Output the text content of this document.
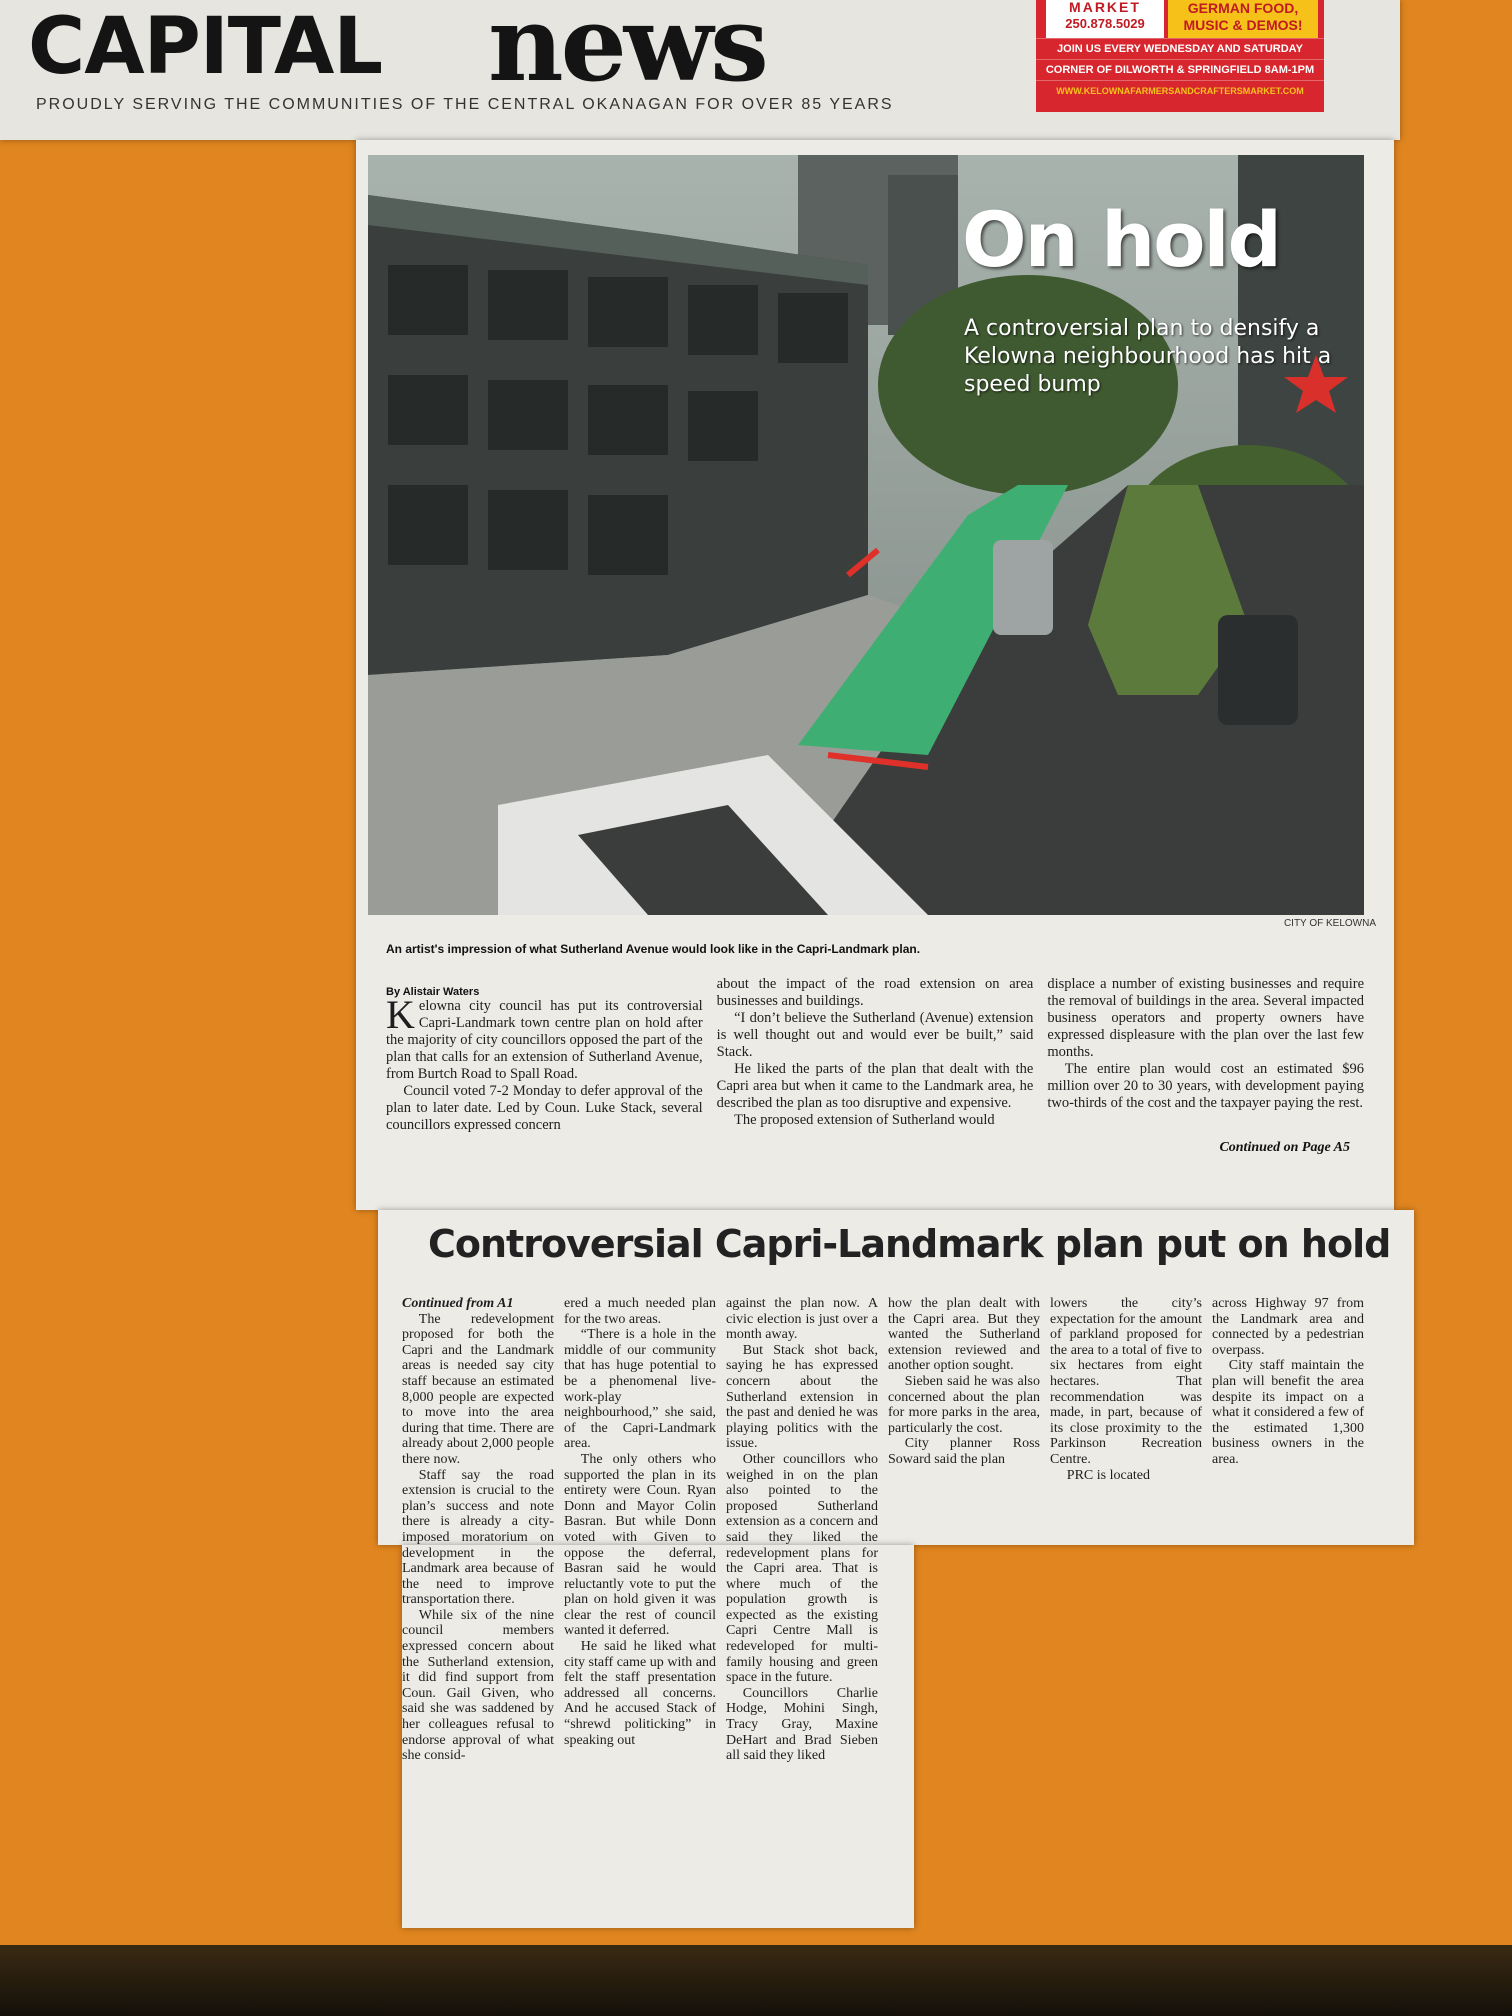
CAPITAL news
PROUDLY SERVING THE COMMUNITIES OF THE CENTRAL OKANAGAN FOR OVER 85 YEARS
MARKET
250.878.5029
GERMAN FOOD, MUSIC & DEMOS!
JOIN US EVERY WEDNESDAY AND SATURDAY
CORNER OF DILWORTH & SPRINGFIELD 8AM-1PM
WWW.KELOWNAFARMERSANDCRAFTERSMARKET.COM
On hold
A controversial plan to densify a Kelowna neighbourhood has hit a speed bump
CITY OF KELOWNA
An artist's impression of what Sutherland Avenue would look like in the Capri-Landmark plan.
By Alistair Waters

Kelowna city council has put its controversial Capri-Landmark town centre plan on hold after the majority of city councillors opposed the part of the plan that calls for an extension of Sutherland Avenue, from Burtch Road to Spall Road.

Council voted 7-2 Monday to defer approval of the plan to later date. Led by Coun. Luke Stack, several councillors expressed concern

about the impact of the road extension on area businesses and buildings.

“I don’t believe the Sutherland (Avenue) extension is well thought out and would ever be built,” said Stack.

He liked the parts of the plan that dealt with the Capri area but when it came to the Landmark area, he described the plan as too disruptive and expensive.

The proposed extension of Sutherland would

displace a number of existing businesses and require the removal of buildings in the area. Several impacted business operators and property owners have expressed displeasure with the plan over the last few months.

The entire plan would cost an estimated $96 million over 20 to 30 years, with development paying two-thirds of the cost and the taxpayer paying the rest.

Continued on Page A5
Controversial Capri-Landmark plan put on hold

Continued from A1

The redevelopment proposed for both the Capri and the Landmark areas is needed say city staff because an estimated 8,000 people are expected to move into the area during that time. There are already about 2,000 people there now.

Staff say the road extension is crucial to the plan’s success and note there is already a city-imposed moratorium on development in the Landmark area because of the need to improve transportation there.

While six of the nine council members expressed concern about the Sutherland extension, it did find support from Coun. Gail Given, who said she was saddened by her colleagues refusal to endorse approval of what she consid-

ered a much needed plan for the two areas.

“There is a hole in the middle of our community that has huge potential to be a phenomenal live-work-play neighbourhood,” she said, of the Capri-Landmark area.

The only others who supported the plan in its entirety were Coun. Ryan Donn and Mayor Colin Basran. But while Donn voted with Given to oppose the deferral, Basran said he would reluctantly vote to put the plan on hold given it was clear the rest of council wanted it deferred.

He said he liked what city staff came up with and felt the staff presentation addressed all concerns. And he accused Stack of “shrewd politicking” in speaking out

against the plan now. A civic election is just over a month away.

But Stack shot back, saying he has expressed concern about the Sutherland extension in the past and denied he was playing politics with the issue.

Other councillors who weighed in on the plan also pointed to the proposed Sutherland extension as a concern and said they liked the redevelopment plans for the Capri area. That is where much of the population growth is expected as the existing Capri Centre Mall is redeveloped for multi-family housing and green space in the future.

Councillors Charlie Hodge, Mohini Singh, Tracy Gray, Maxine DeHart and Brad Sieben all said they liked

how the plan dealt with the Capri area. But they wanted the Sutherland extension reviewed and another option sought.

Sieben said he was also concerned about the plan for more parks in the area, particularly the cost.

City planner Ross Soward said the plan

lowers the city’s expectation for the amount of parkland proposed for the area to a total of five to six hectares from eight hectares. That recommendation was made, in part, because of its close proximity to the Parkinson Recreation Centre.

PRC is located

across Highway 97 from the Landmark area and connected by a pedestrian overpass.

City staff maintain the plan will benefit the area despite its impact on a what it considered a few of the estimated 1,300 business owners in the area.
